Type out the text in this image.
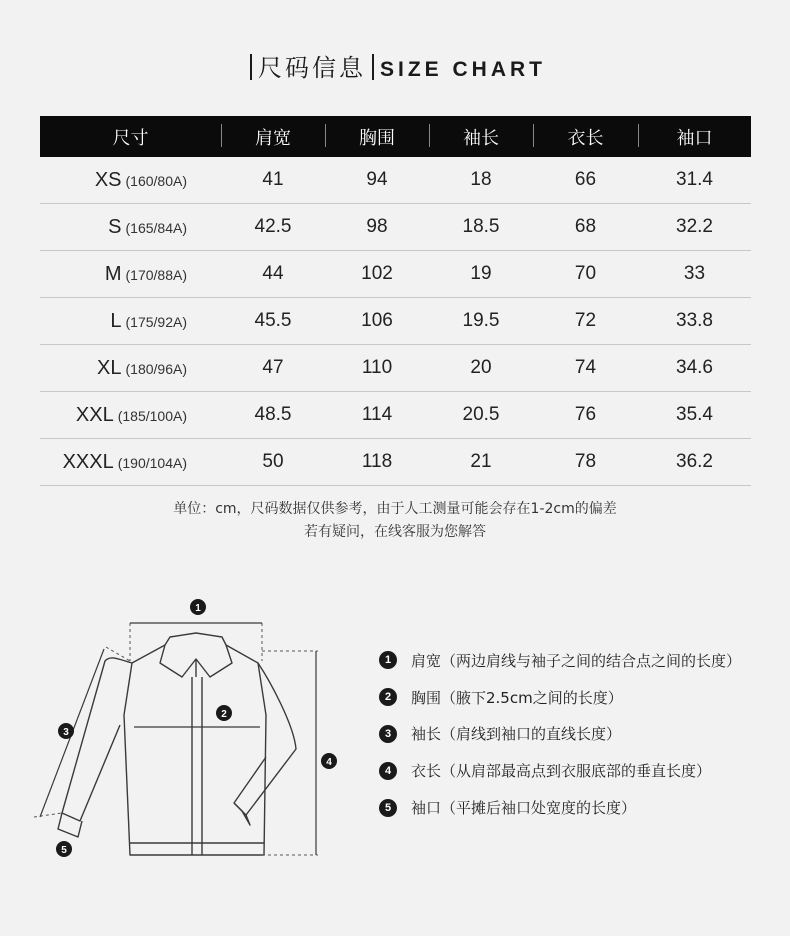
尺码信息 SIZE CHART
尺寸	肩宽	胸围	袖长	衣长	袖口
XS (160/80A)	41	94	18	66	31.4
S (165/84A)	42.5	98	18.5	68	32.2
M (170/88A)	44	102	19	70	33
L (175/92A)	45.5	106	19.5	72	33.8
XL (180/96A)	47	110	20	74	34.6
XXL (185/100A)	48.5	114	20.5	76	35.4
XXXL (190/104A)	50	118	21	78	36.2
单位：cm，尺码数据仅供参考，由于人工测量可能会存在1-2cm的偏差
若有疑问，在线客服为您解答
1
2
3
4
5
1	肩宽（两边肩线与袖子之间的结合点之间的长度）
2	胸围（腋下2.5cm之间的长度）
3	袖长（肩线到袖口的直线长度）
4	衣长（从肩部最高点到衣服底部的垂直长度）
5	袖口（平摊后袖口处宽度的长度）
